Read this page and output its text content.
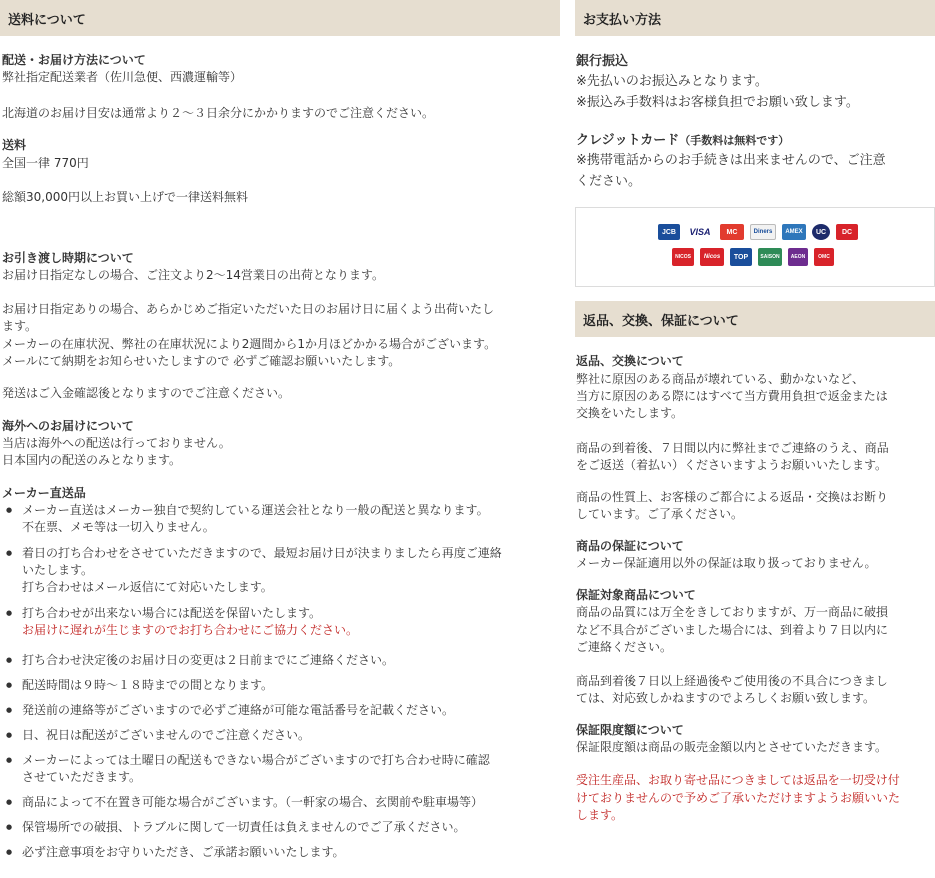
送料について
配送・お届け方法について
弊社指定配送業者（佐川急便、西濃運輸等）
北海道のお届け目安は通常より２～３日余分にかかりますのでご注意ください。
送料
全国一律 770円
総額30,000円以上お買い上げで一律送料無料
お引き渡し時期について
お届け日指定なしの場合、ご注文より2～14営業日の出荷となります。
お届け日指定ありの場合、あらかじめご指定いただいた日のお届け日に届くよう出荷いたし
ます。
メーカーの在庫状況、弊社の在庫状況により2週間から1か月ほどかかる場合がございます。
メールにて納期をお知らせいたしますので 必ずご確認お願いいたします。
発送はご入金確認後となりますのでご注意ください。
海外へのお届けについて
当店は海外への配送は行っておりません。
日本国内の配送のみとなります。
メーカー直送品
● メーカー直送はメーカー独自で契約している運送会社となり一般の配送と異なります。
不在票、メモ等は一切入りません。
● 着日の打ち合わせをさせていただきますので、最短お届け日が決まりましたら再度ご連絡
いたします。
打ち合わせはメール返信にて対応いたします。
● 打ち合わせが出来ない場合には配送を保留いたします。
お届けに遅れが生じますのでお打ち合わせにご協力ください。
● 打ち合わせ決定後のお届け日の変更は２日前までにご連絡ください。
● 配送時間は９時～１８時までの間となります。
● 発送前の連絡等がございますので必ずご連絡が可能な電話番号を記載ください。
● 日、祝日は配送がございませんのでご注意ください。
● メーカーによっては土曜日の配送もできない場合がございますので打ち合わせ時に確認
させていただきます。
● 商品によって不在置き可能な場合がございます。（一軒家の場合、玄関前や駐車場等）
● 保管場所での破損、トラブルに関して一切責任は負えませんのでご了承ください。
● 必ず注意事項をお守りいただき、ご承諾お願いいたします。
お支払い方法
銀行振込
※先払いのお振込みとなります。
※振込み手数料はお客様負担でお願い致します。
クレジットカード（手数料は無料です）
※携帯電話からのお手続きは出来ませんので、ご注意
ください。
JCB	VISA	MC	Diners	AMEX	UC	DC
NICOS	Nicos	TOP	SAISON	AEON	OMC
返品、交換、保証について
返品、交換について
弊社に原因のある商品が壊れている、動かないなど、
当方に原因のある際にはすべて当方費用負担で返金または
交換をいたします。
商品の到着後、７日間以内に弊社までご連絡のうえ、商品
をご返送（着払い）くださいますようお願いいたします。
商品の性質上、お客様のご都合による返品・交換はお断り
しています。ご了承ください。
商品の保証について
メーカー保証適用以外の保証は取り扱っておりません。
保証対象商品について
商品の品質には万全をきしておりますが、万一商品に破損
など不具合がございました場合には、到着より７日以内に
ご連絡ください。
商品到着後７日以上経過後やご使用後の不具合につきまし
ては、対応致しかねますのでよろしくお願い致します。
保証限度額について
保証限度額は商品の販売金額以内とさせていただきます。
受注生産品、お取り寄せ品につきましては返品を一切受け付
けておりませんので予めご了承いただけますようお願いいた
します。
